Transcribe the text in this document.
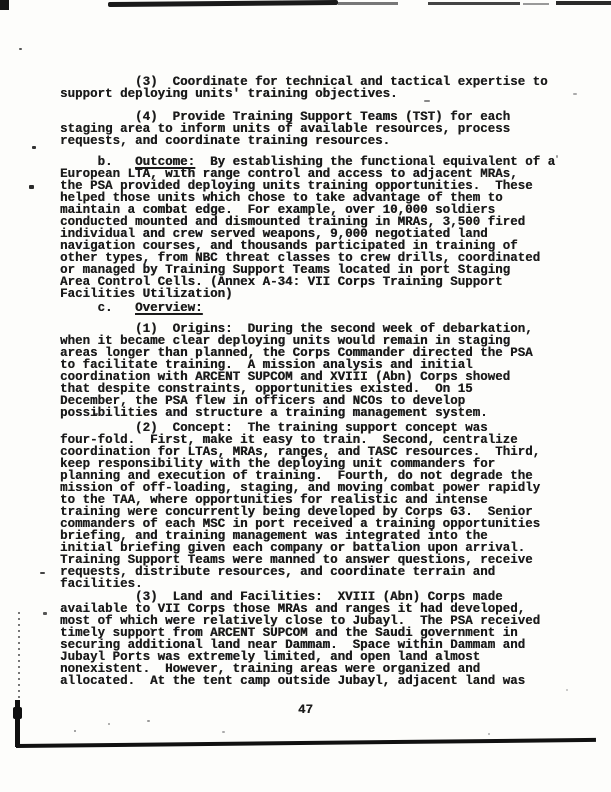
(3)  Coordinate for technical and tactical expertise to
support deploying units' training objectives.
(4)  Provide Training Support Teams (TST) for each
staging area to inform units of available resources, process
requests, and coordinate training resources.
b.   Outcome:  By establishing the functional equivalent of a
European LTA, with range control and access to adjacent MRAs,
the PSA provided deploying units training opportunities.  These
helped those units which chose to take advantage of them to
maintain a combat edge.  For example, over 10,000 soldiers
conducted mounted and dismounted training in MRAs, 3,500 fired
individual and crew served weapons, 9,000 negotiated land
navigation courses, and thousands participated in training of
other types, from NBC threat classes to crew drills, coordinated
or managed by Training Support Teams located in port Staging
Area Control Cells. (Annex A-34: VII Corps Training Support
Facilities Utilization)
c.   Overview:
(1)  Origins:  During the second week of debarkation,
when it became clear deploying units would remain in staging
areas longer than planned, the Corps Commander directed the PSA
to facilitate training.  A mission analysis and initial
coordination with ARCENT SUPCOM and XVIII (Abn) Corps showed
that despite constraints, opportunities existed.  On 15
December, the PSA flew in officers and NCOs to develop
possibilities and structure a training management system.
(2)  Concept:  The training support concept was
four-fold.  First, make it easy to train.  Second, centralize
coordination for LTAs, MRAs, ranges, and TASC resources.  Third,
keep responsibility with the deploying unit commanders for
planning and execution of training.  Fourth, do not degrade the
mission of off-loading, staging, and moving combat power rapidly
to the TAA, where opportunities for realistic and intense
training were concurrently being developed by Corps G3.  Senior
commanders of each MSC in port received a training opportunities
briefing, and training management was integrated into the
initial briefing given each company or battalion upon arrival.
Training Support Teams were manned to answer questions, receive
requests, distribute resources, and coordinate terrain and
facilities.
(3)  Land and Facilities:  XVIII (Abn) Corps made
available to VII Corps those MRAs and ranges it had developed,
most of which were relatively close to Jubayl.  The PSA received
timely support from ARCENT SUPCOM and the Saudi government in
securing additional land near Dammam.  Space within Dammam and
Jubayl Ports was extremely limited, and open land almost
nonexistent.  However, training areas were organized and
allocated.  At the tent camp outside Jubayl, adjacent land was
47
